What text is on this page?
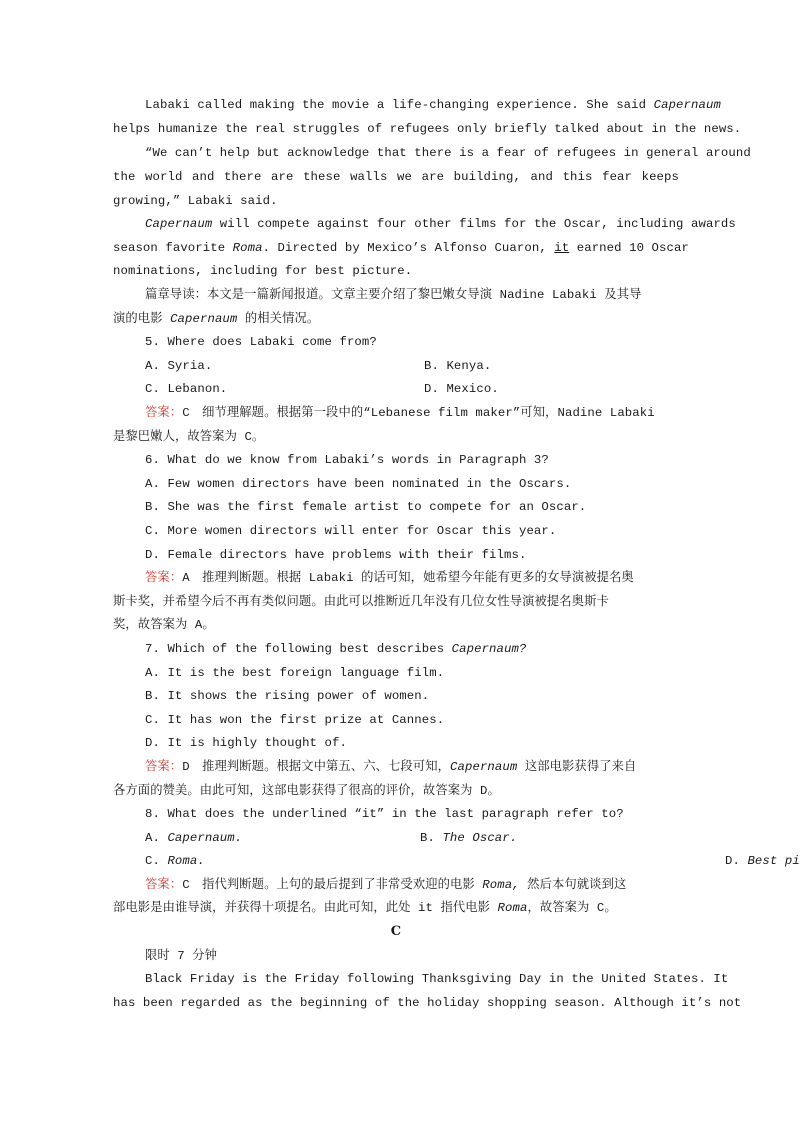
Labaki called making the movie a life-changing experience. She said Capernaum
helps humanize the real struggles of refugees only briefly talked about in the news.
“We can’t help but acknowledge that there is a fear of refugees in general around
the world and there are these walls we are building, and this fear keeps
growing,” Labaki said.
Capernaum will compete against four other films for the Oscar, including awards
season favorite Roma. Directed by Mexico’s Alfonso Cuaron, it earned 10 Oscar
nominations, including for best picture.
篇章导读：本文是一篇新闻报道。文章主要介绍了黎巴嫩女导演 Nadine Labaki 及其导
演的电影 Capernaum 的相关情况。
5. Where does Labaki come from?
A. Syria.	B. Kenya.
C. Lebanon.	D. Mexico.
答案：C　细节理解题。根据第一段中的“Lebanese film maker”可知，Nadine Labaki
是黎巴嫩人，故答案为 C。
6. What do we know from Labaki’s words in Paragraph 3?
A. Few women directors have been nominated in the Oscars.
B. She was the first female artist to compete for an Oscar.
C. More women directors will enter for Oscar this year.
D. Female directors have problems with their films.
答案：A　推理判断题。根据 Labaki 的话可知，她希望今年能有更多的女导演被提名奥
斯卡奖，并希望今后不再有类似问题。由此可以推断近几年没有几位女性导演被提名奥斯卡
奖，故答案为 A。
7. Which of the following best describes Capernaum?
A. It is the best foreign language film.
B. It shows the rising power of women.
C. It has won the first prize at Cannes.
D. It is highly thought of.
答案：D　推理判断题。根据文中第五、六、七段可知，Capernaum 这部电影获得了来自
各方面的赞美。由此可知，这部电影获得了很高的评价，故答案为 D。
8. What does the underlined “it” in the last paragraph refer to?
A. Capernaum.	B. The Oscar.
C. Roma.	D. Best pi
答案：C　指代判断题。上句的最后提到了非常受欢迎的电影 Roma, 然后本句就谈到这
部电影是由谁导演，并获得十项提名。由此可知，此处 it 指代电影 Roma，故答案为 C。
C
限时 7 分钟
Black Friday is the Friday following Thanksgiving Day in the United States. It
has been regarded as the beginning of the holiday shopping season. Although it’s not
